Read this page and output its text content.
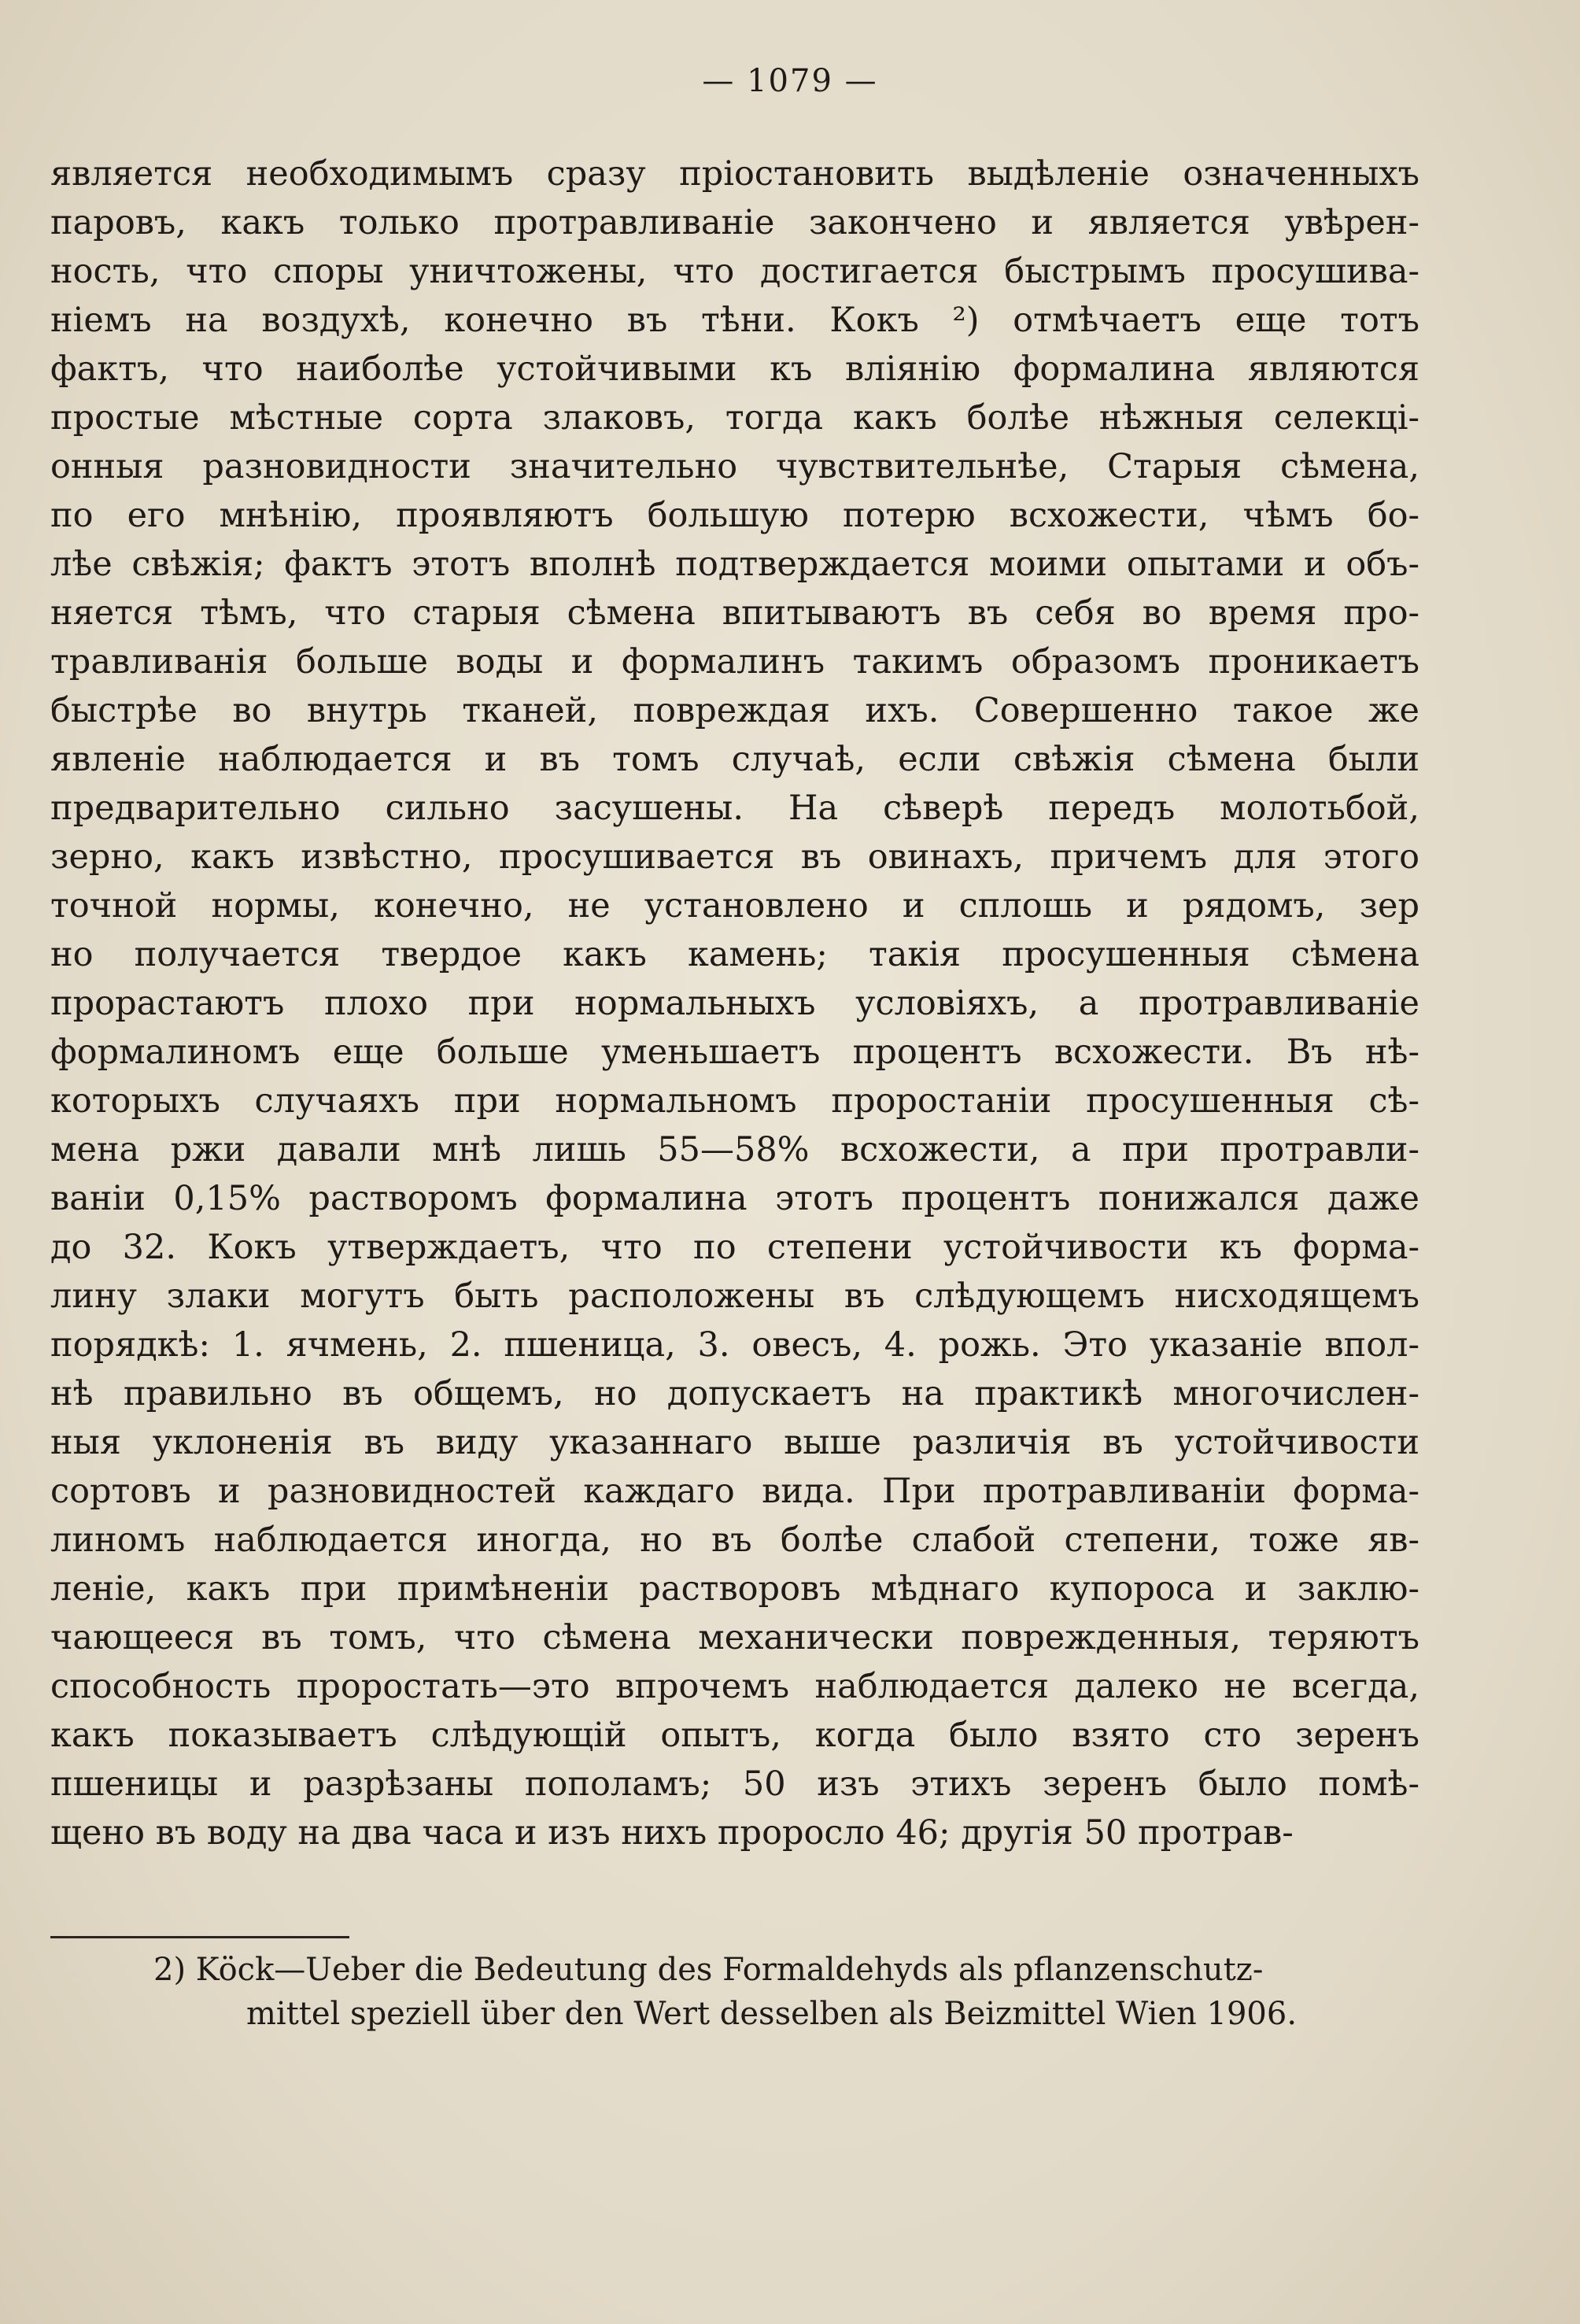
— 1079 —
является необходимымъ сразу пріостановить выдѣленіе означенныхъ
паровъ, какъ только протравливаніе закончено и является увѣрен-
ность, что споры уничтожены, что достигается быстрымъ просушива-
ніемъ на воздухѣ, конечно въ тѣни. Кокъ ²) отмѣчаетъ еще тотъ
фактъ, что наиболѣе устойчивыми къ вліянію формалина являются
простые мѣстные сорта злаковъ, тогда какъ болѣе нѣжныя селекці-
онныя разновидности значительно чувствительнѣе, Старыя сѣмена,
по его мнѣнію, проявляютъ большую потерю всхожести, чѣмъ бо-
лѣе свѣжія; фактъ этотъ вполнѣ подтверждается моими опытами и объ-
няется тѣмъ, что старыя сѣмена впитываютъ въ себя во время про-
травливанія больше воды и формалинъ такимъ образомъ проникаетъ
быстрѣе во внутрь тканей, повреждая ихъ. Совершенно такое же
явленіе наблюдается и въ томъ случаѣ, если свѣжія сѣмена были
предварительно сильно засушены. На сѣверѣ передъ молотьбой,
зерно, какъ извѣстно, просушивается въ овинахъ, причемъ для этого
точной нормы, конечно, не установлено и сплошь и рядомъ, зер
но получается твердое какъ камень; такія просушенныя сѣмена
прорастаютъ плохо при нормальныхъ условіяхъ, а протравливаніе
формалиномъ еще больше уменьшаетъ процентъ всхожести. Въ нѣ-
которыхъ случаяхъ при нормальномъ проростаніи просушенныя сѣ-
мена ржи давали мнѣ лишь 55—58% всхожести, а при протравли-
ваніи 0,15% растворомъ формалина этотъ процентъ понижался даже
до 32. Кокъ утверждаетъ, что по степени устойчивости къ форма-
лину злаки могутъ быть расположены въ слѣдующемъ нисходящемъ
порядкѣ: 1. ячмень, 2. пшеница, 3. овесъ, 4. рожь. Это указаніе впол-
нѣ правильно въ общемъ, но допускаетъ на практикѣ многочислен-
ныя уклоненія въ виду указаннаго выше различія въ устойчивости
сортовъ и разновидностей каждаго вида. При протравливаніи форма-
линомъ наблюдается иногда, но въ болѣе слабой степени, тоже яв-
леніе, какъ при примѣненіи растворовъ мѣднаго купороса и заклю-
чающееся въ томъ, что сѣмена механически поврежденныя, теряютъ
способность проростать—это впрочемъ наблюдается далеко не всегда,
какъ показываетъ слѣдующій опытъ, когда было взято сто зеренъ
пшеницы и разрѣзаны пополамъ; 50 изъ этихъ зеренъ было помѣ-
щено въ воду на два часа и изъ нихъ проросло 46; другія 50 протрав-
2) Köck—Ueber die Bedeutung des Formaldehyds als pflanzenschutz-
mittel speziell über den Wert desselben als Beizmittel Wien 1906.
